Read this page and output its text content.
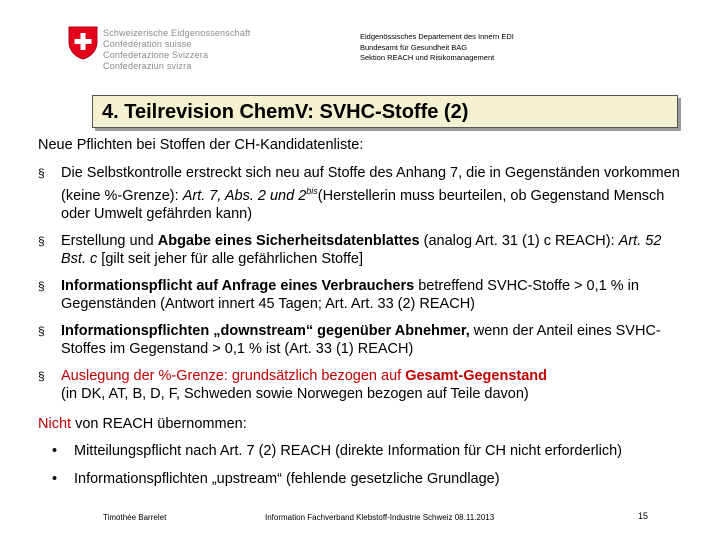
Schweizerische Eidgenossenschaft
Confédération suisse
Confederazione Svizzera
Confederaziun svizra
Eidgenössisches Departement des Innern EDI
Bundesamt für Gesundheit BAG
Sektion REACH und Risikomanagement
4. Teilrevision ChemV: SVHC-Stoffe (2)
Neue Pflichten bei Stoffen der CH-Kandidatenliste:
§ Die Selbstkontrolle erstreckt sich neu auf Stoffe des Anhang 7, die in Gegenständen vorkommen (keine %-Grenze): Art. 7, Abs. 2 und $2^{bis}(Herstellerin$ muss beurteilen, ob Gegenstand Mensch oder Umwelt gefährden kann)
§ Erstellung und Abgabe eines Sicherheitsdatenblattes (analog Art. 31 (1) c REACH): Art. 52 Bst. c [gilt seit jeher für alle gefährlichen Stoffe]
§ Informationspflicht auf Anfrage eines Verbrauchers betreffend SVHC-Stoffe > 0,1 % in Gegenständen (Antwort innert 45 Tagen; Art. Art. 33 (2) REACH)
§ Informationspflichten „downstream“ gegenüber Abnehmer, wenn der Anteil eines SVHC-Stoffes im Gegenstand > 0,1 % ist (Art. 33 (1) REACH)
§ Auslegung der %-Grenze: grundsätzlich bezogen auf Gesamt-Gegenstand
(in DK, AT, B, D, F, Schweden sowie Norwegen bezogen auf Teile davon)
Nicht von REACH übernommen:
• Mitteilungspflicht nach Art. 7 (2) REACH (direkte Information für CH nicht erforderlich)
• Informationspflichten „upstream“ (fehlende gesetzliche Grundlage)
Timothée Barrelet	Information Fachverband Klebstoff-Industrie Schweiz 08.11.2013	15
